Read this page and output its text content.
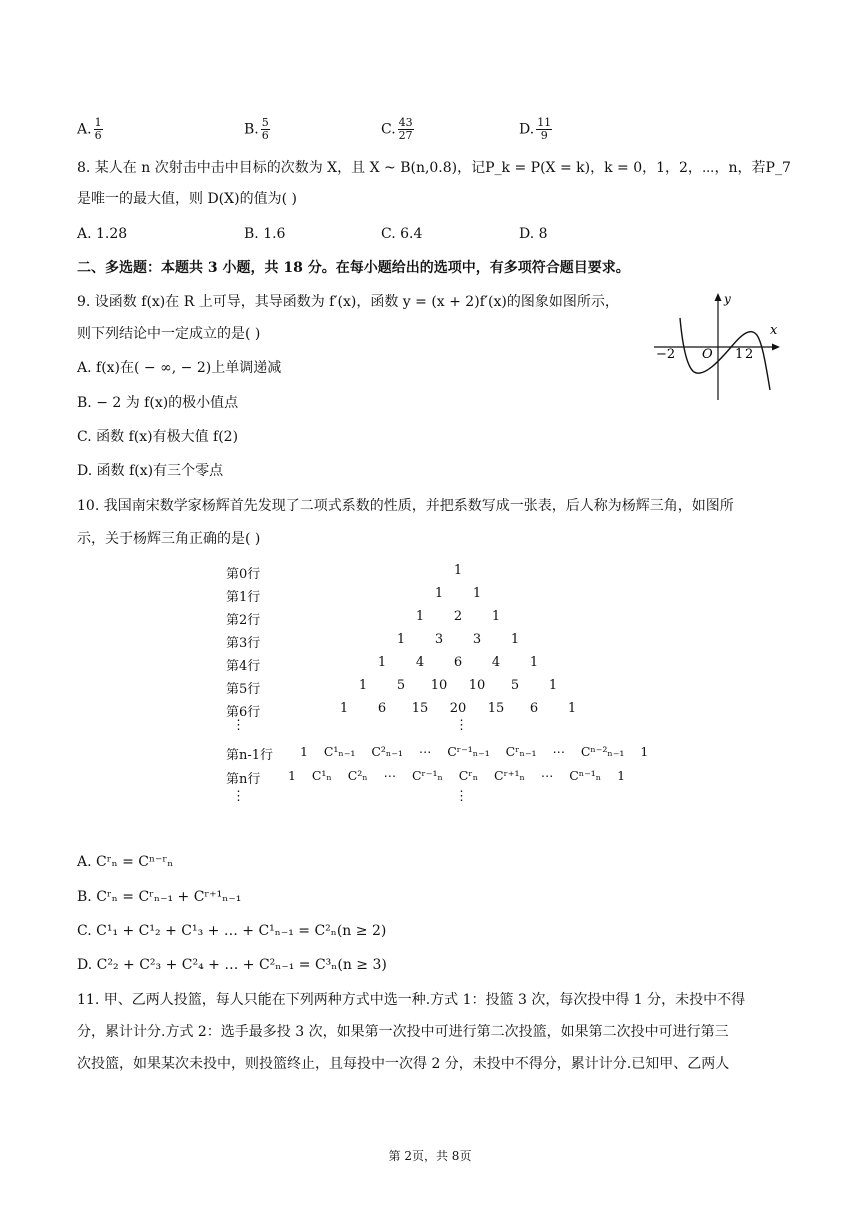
A. $\frac{1}{6}$	B. $\frac{5}{6}$	C. $\frac{43}{27}$	D. $\frac{11}{9}$
8. 某人在 n 次射击中击中目标的次数为 X，且 X ~ B(n,0.8)，记P_k = P(X = k)，k = 0，1，2，⋯，n，若P_7
是唯一的最大值，则 D(X)的值为( )
A. 1.28	B. 1.6	C. 6.4	D. 8
二、多选题：本题共 3 小题，共 18 分。在每小题给出的选项中，有多项符合题目要求。
9. 设函数 f(x)在 R 上可导，其导函数为 f′(x)，函数 y = (x + 2)f′(x)的图象如图所示，
则下列结论中一定成立的是( )
A. f(x)在( − ∞, − 2)上单调递减
B. − 2 为 f(x)的极小值点
C. 函数 f(x)有极大值 f(2)
D. 函数 f(x)有三个零点
y
x
−2 O 1 2
10. 我国南宋数学家杨辉首先发现了二项式系数的性质，并把系数写成一张表，后人称为杨辉三角，如图所
示，关于杨辉三角正确的是( )
第0行
第1行
第2行
第3行
第4行
第5行
第6行
⋮
第n-1行
第n行
⋮
1
1 1
1 2 1
1 3 3 1
1 4 6 4 1
1 5 10 10 5 1
1 6 15 20 15 6 1
⋮
⋮
1    C¹ₙ₋₁    C²ₙ₋₁    ⋯    Cʳ⁻¹ₙ₋₁    Cʳₙ₋₁    ⋯    Cⁿ⁻²ₙ₋₁    1
1    C¹ₙ    C²ₙ    ⋯    Cʳ⁻¹ₙ    Cʳₙ    Cʳ⁺¹ₙ    ⋯    Cⁿ⁻¹ₙ    1
A. Cʳₙ = Cⁿ⁻ʳₙ
B. Cʳₙ = Cʳₙ₋₁ + Cʳ⁺¹ₙ₋₁
C. C¹₁ + C¹₂ + C¹₃ + … + C¹ₙ₋₁ = C²ₙ(n ≥ 2)
D. C²₂ + C²₃ + C²₄ + … + C²ₙ₋₁ = C³ₙ(n ≥ 3)
11. 甲、乙两人投篮，每人只能在下列两种方式中选一种.方式 1：投篮 3 次，每次投中得 1 分，未投中不得
分，累计计分.方式 2：选手最多投 3 次，如果第一次投中可进行第二次投篮，如果第二次投中可进行第三
次投篮，如果某次未投中，则投篮终止，且每投中一次得 2 分，未投中不得分，累计计分.已知甲、乙两人
第 2页，共 8页
